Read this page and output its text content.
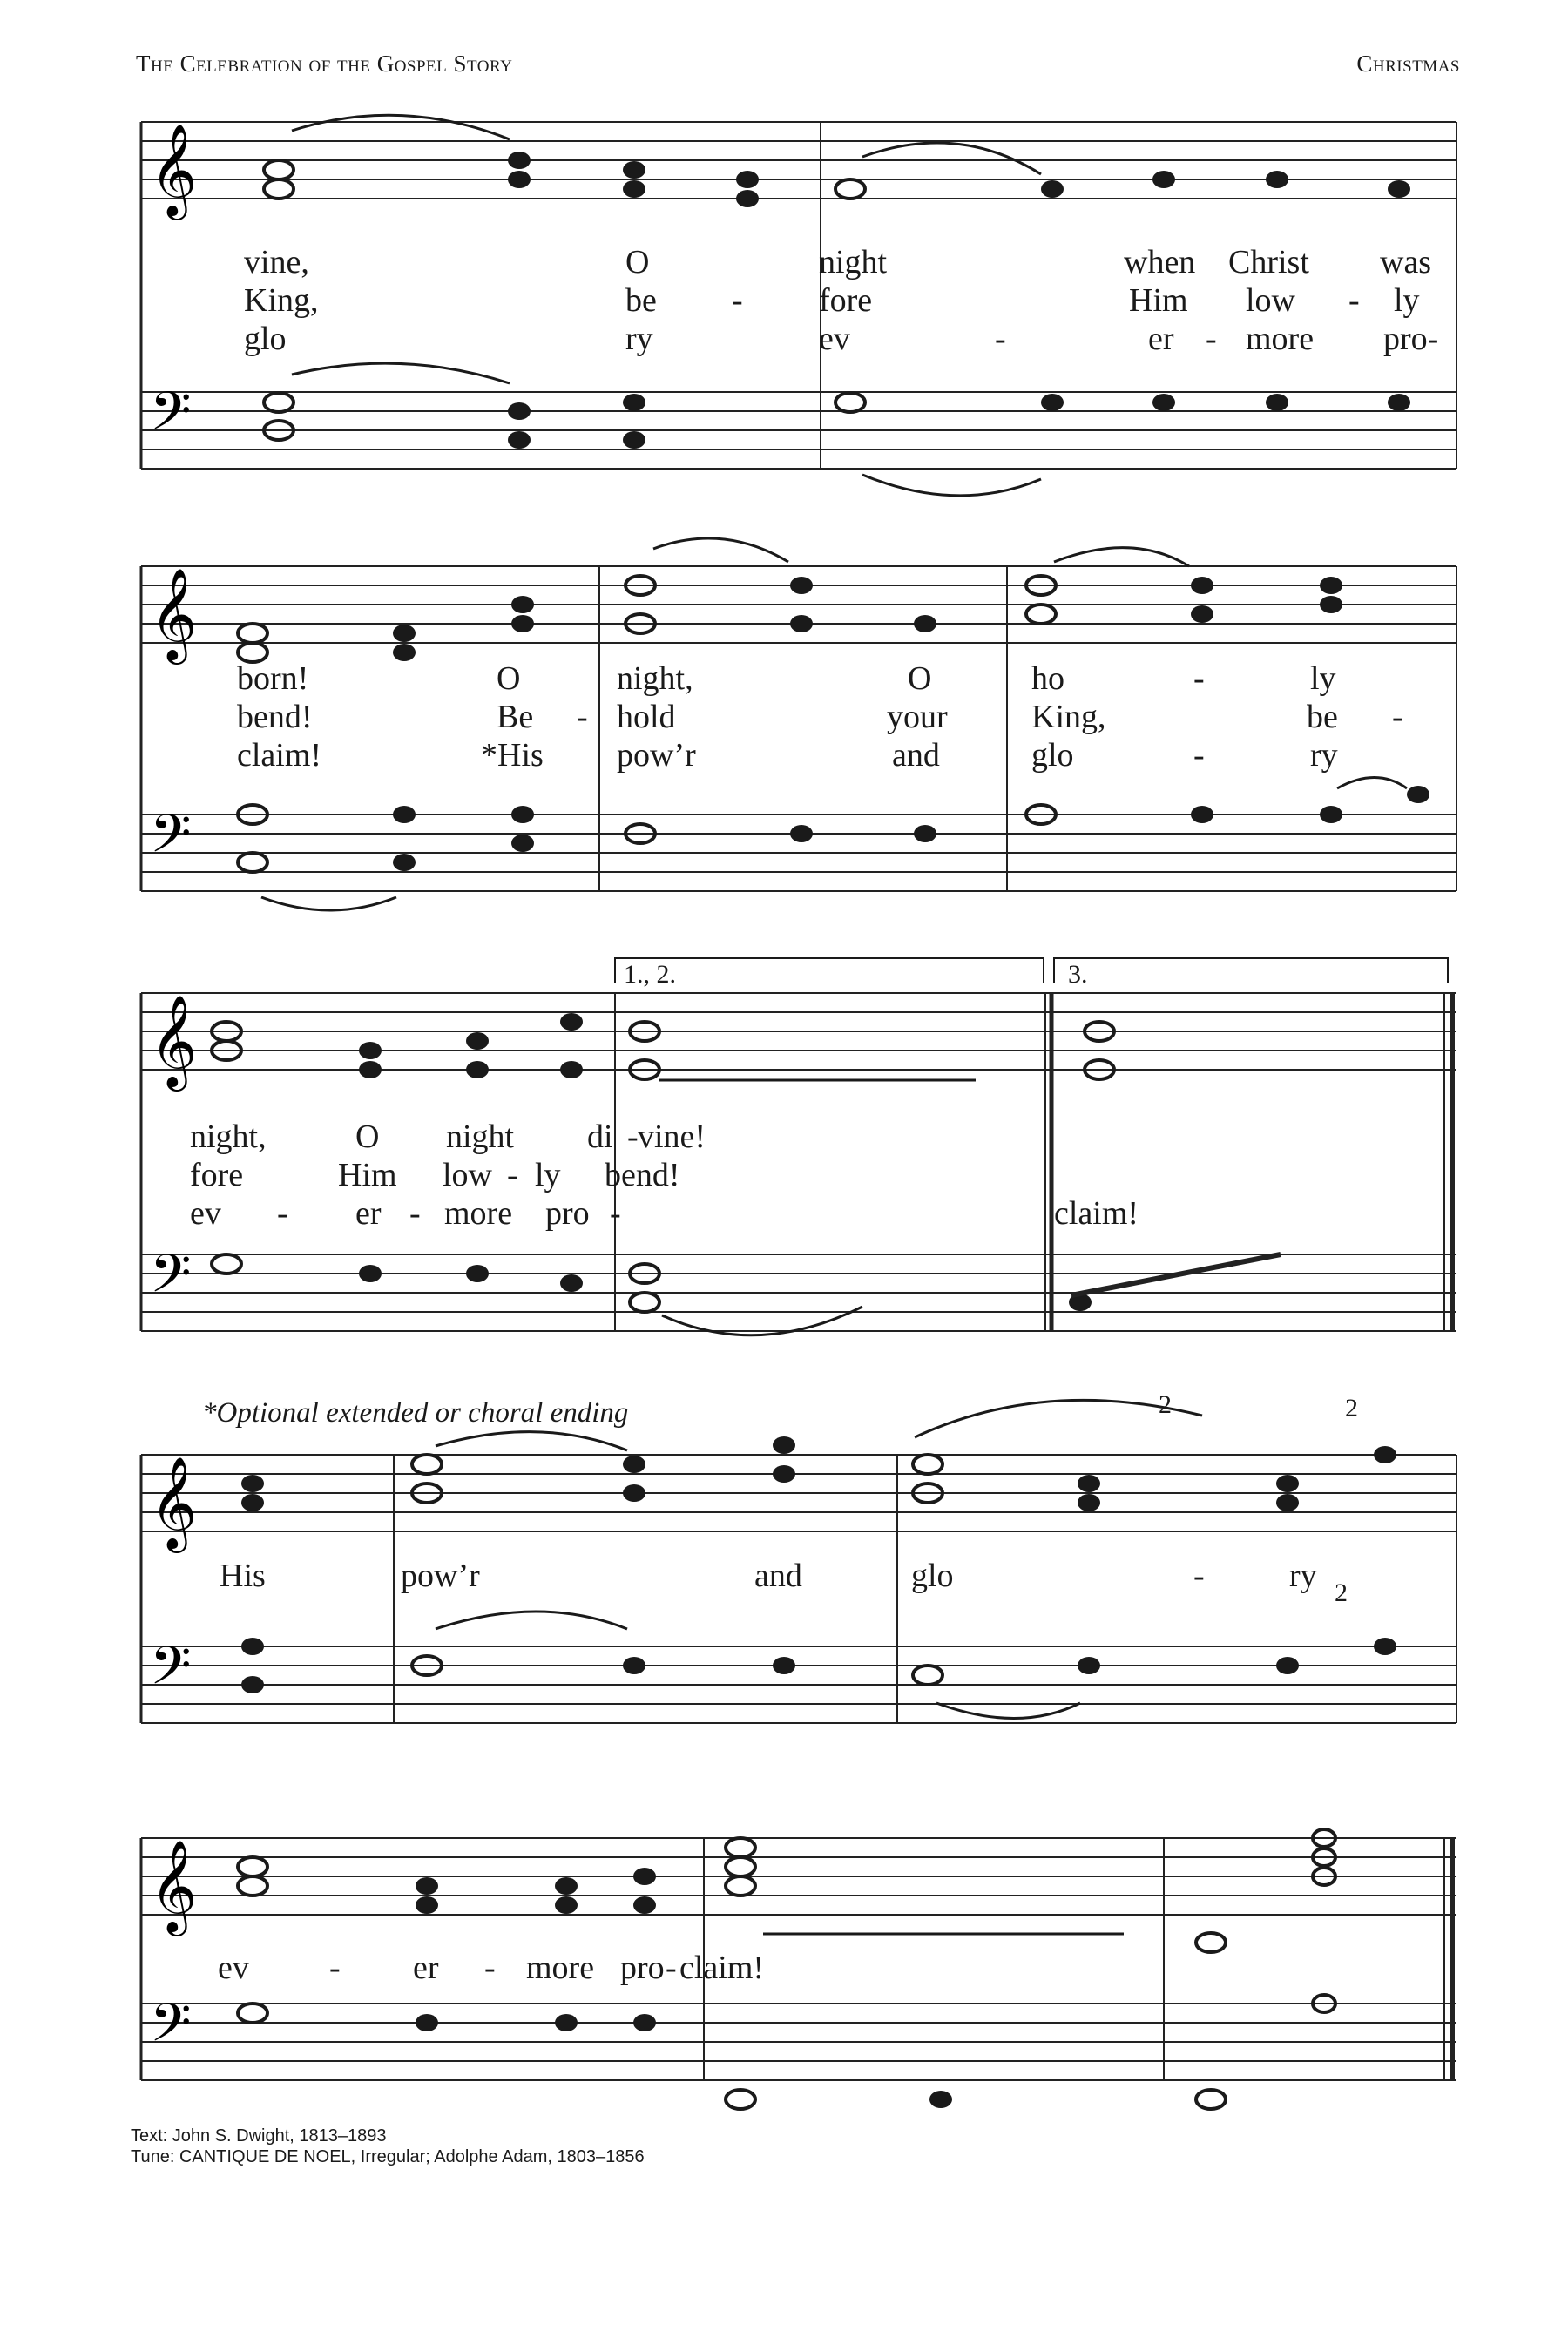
The Celebration of the Gospel Story	Christmas
𝄞
𝄢
𝄞
𝄢
𝄞
𝄢
𝄞
𝄢
𝄞
𝄢
vine,	O	night	when Christ was
King,	be - fore	Him low - ly
glo	ry	ev	-	er - more pro-
born!	O	night,	O	ho	-	ly
bend!	Be - hold	your	King,	be -
claim!	*His pow’r	and	glo	-	ry
1., 2.	3.
night,	O night di - vine!
fore	Him low - ly bend!
ev - er - more pro -	claim!
*Optional extended or choral ending	2	2
2
His	pow’r	and	glo	-	ry
ev - er - more pro - claim!
Text: John S. Dwight, 1813–1893
Tune: CANTIQUE DE NOEL, Irregular; Adolphe Adam, 1803–1856
